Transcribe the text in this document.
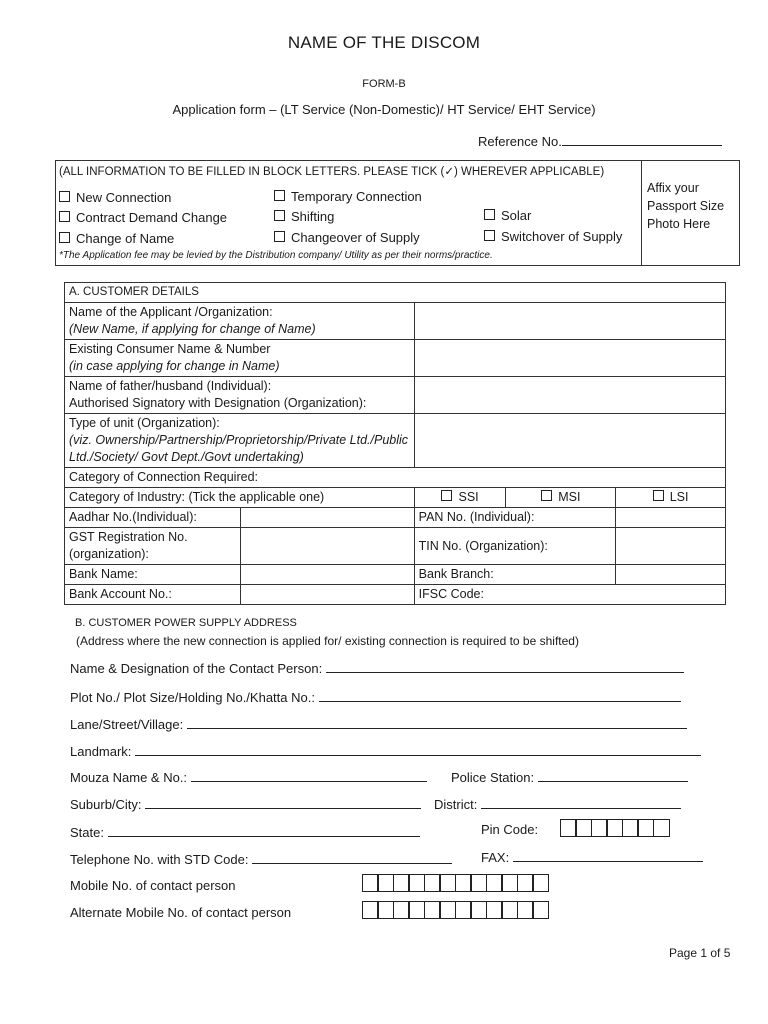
NAME OF THE DISCOM
FORM-B
Application form – (LT Service (Non-Domestic)/ HT Service/ EHT Service)
Reference No.
(ALL INFORMATION TO BE FILLED IN BLOCK LETTERS. PLEASE TICK (✓) WHEREVER APPLICABLE)
New Connection	Temporary Connection
Contract Demand Change	Shifting	Solar
Change of Name	Changeover of Supply	Switchover of Supply
*The Application fee may be levied by the Distribution company/ Utility as per their norms/practice.
Affix your Passport Size Photo Here
A. CUSTOMER DETAILS				

Name of the Applicant /Organization:
(New Name, if applying for change of Name)				

Existing Consumer Name & Number
(in case applying for change in Name)				

Name of father/husband (Individual):
Authorised Signatory with Designation (Organization):				

Type of unit (Organization):
(viz. Ownership/Partnership/Proprietorship/Private Ltd./Public Ltd./Society/ Govt Dept./Govt undertaking)				

Category of Connection Required:				
Category of Industry: (Tick the applicable one)		SSI	MSI	LSI
Aadhar No.(Individual):		PAN No. (Individual):		
GST Registration No. (organization):		TIN No. (Organization):		
Bank Name:		Bank Branch:		
Bank Account No.:		IFSC Code:		
B. CUSTOMER POWER SUPPLY ADDRESS
(Address where the new connection is applied for/ existing connection is required to be shifted)
Name & Designation of the Contact Person:
Plot No./ Plot Size/Holding No./Khatta No.:
Lane/Street/Village:
Landmark:
Mouza Name & No.:	Police Station:
Suburb/City:	District:
State:	Pin Code:
Telephone No. with STD Code:	FAX:
Mobile No. of contact person
Alternate Mobile No. of contact person
Page 1 of 5
